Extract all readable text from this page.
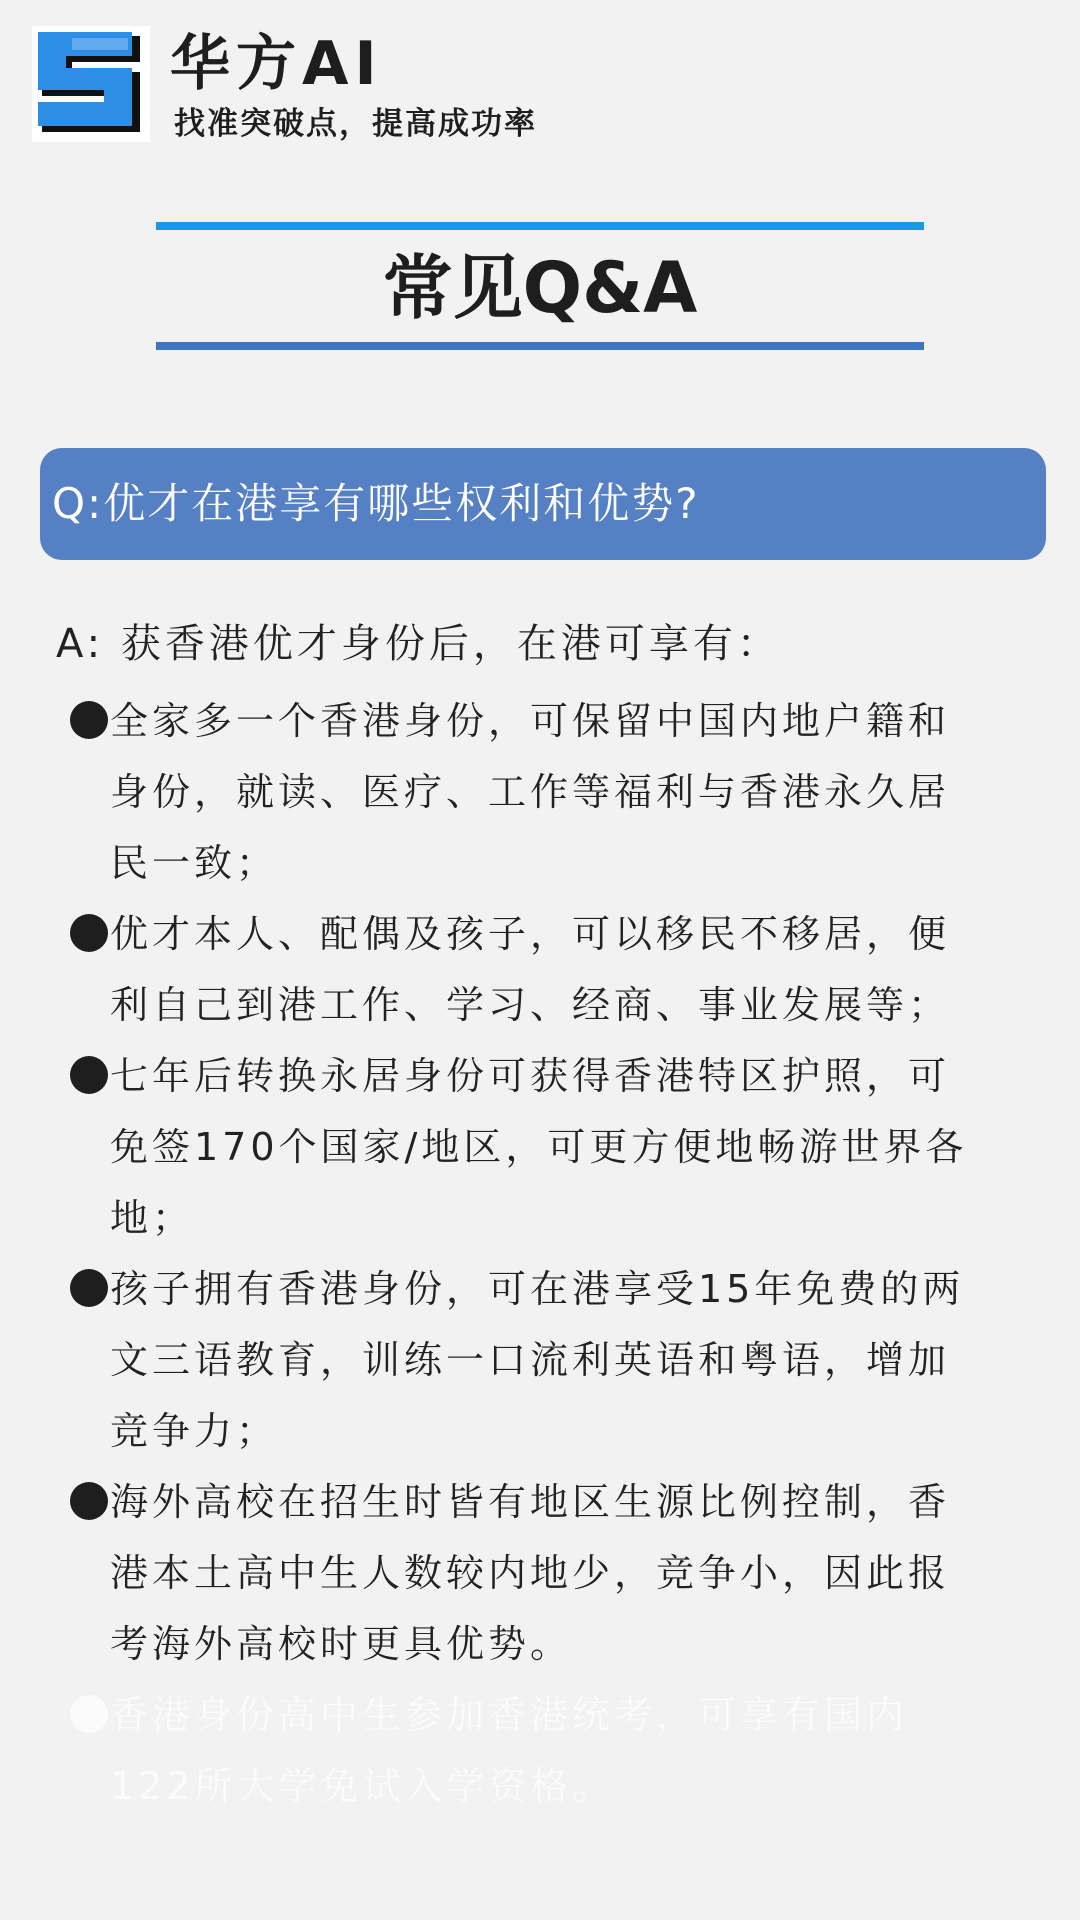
华方AI
找准突破点，提高成功率
常见Q&A
Q:优才在港享有哪些权利和优势?
A: 获香港优才身份后，在港可享有：
全家多一个香港身份，可保留中国内地户籍和
身份，就读、医疗、工作等福利与香港永久居
民一致；
优才本人、配偶及孩子，可以移民不移居，便
利自己到港工作、学习、经商、事业发展等；
七年后转换永居身份可获得香港特区护照，可
免签170个国家/地区，可更方便地畅游世界各
地；
孩子拥有香港身份，可在港享受15年免费的两
文三语教育，训练一口流利英语和粤语，增加
竞争力；
海外高校在招生时皆有地区生源比例控制，香
港本土高中生人数较内地少，竞争小，因此报
考海外高校时更具优势。
香港身份高中生参加香港统考，可享有国内
122所大学免试入学资格。
